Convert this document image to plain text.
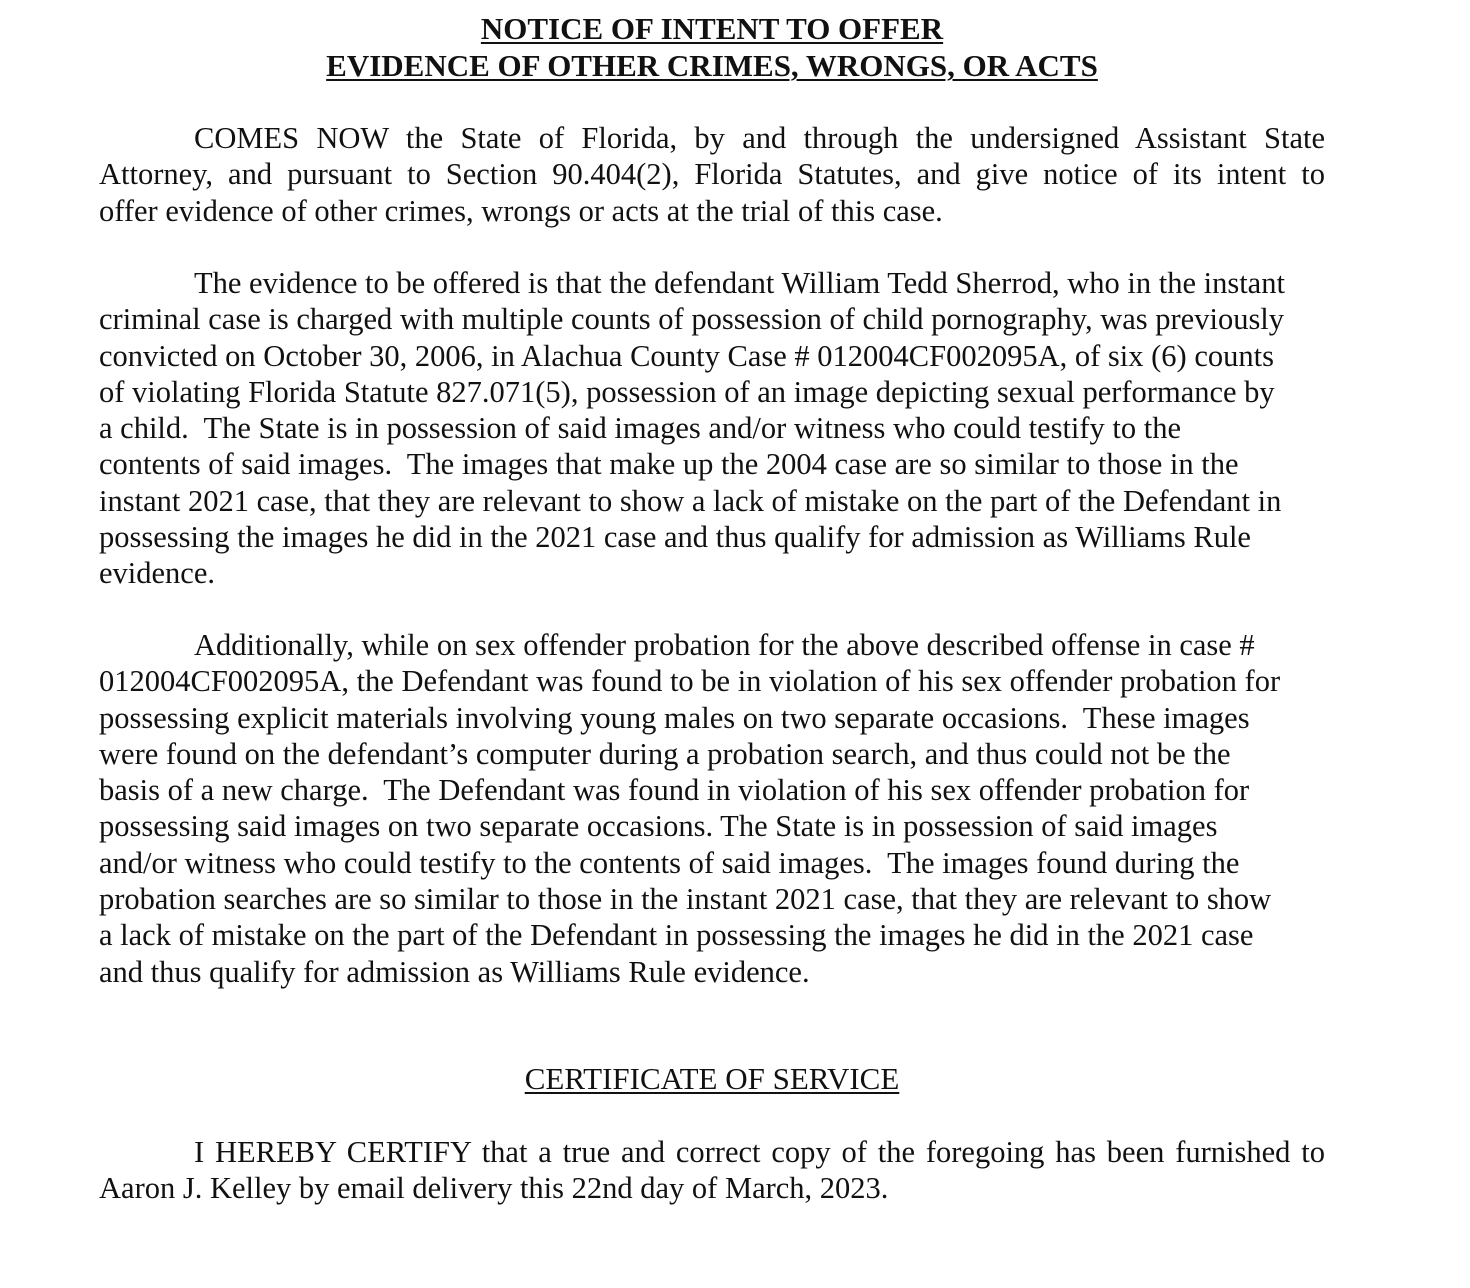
NOTICE OF INTENT TO OFFER
EVIDENCE OF OTHER CRIMES, WRONGS, OR ACTS

COMES NOW the State of Florida, by and through the undersigned Assistant State
Attorney, and pursuant to Section 90.404(2), Florida Statutes, and give notice of its intent to
offer evidence of other crimes, wrongs or acts at the trial of this case.

The evidence to be offered is that the defendant William Tedd Sherrod, who in the instant
criminal case is charged with multiple counts of possession of child pornography, was previously
convicted on October 30, 2006, in Alachua County Case # 012004CF002095A, of six (6) counts
of violating Florida Statute 827.071(5), possession of an image depicting sexual performance by
a child.  The State is in possession of said images and/or witness who could testify to the
contents of said images.  The images that make up the 2004 case are so similar to those in the
instant 2021 case, that they are relevant to show a lack of mistake on the part of the Defendant in
possessing the images he did in the 2021 case and thus qualify for admission as Williams Rule
evidence.

Additionally, while on sex offender probation for the above described offense in case #
012004CF002095A, the Defendant was found to be in violation of his sex offender probation for
possessing explicit materials involving young males on two separate occasions.  These images
were found on the defendant’s computer during a probation search, and thus could not be the
basis of a new charge.  The Defendant was found in violation of his sex offender probation for
possessing said images on two separate occasions. The State is in possession of said images
and/or witness who could testify to the contents of said images.  The images found during the
probation searches are so similar to those in the instant 2021 case, that they are relevant to show
a lack of mistake on the part of the Defendant in possessing the images he did in the 2021 case
and thus qualify for admission as Williams Rule evidence.

CERTIFICATE OF SERVICE

I HEREBY CERTIFY that a true and correct copy of the foregoing has been furnished to
Aaron J. Kelley by email delivery this 22nd day of March, 2023.
